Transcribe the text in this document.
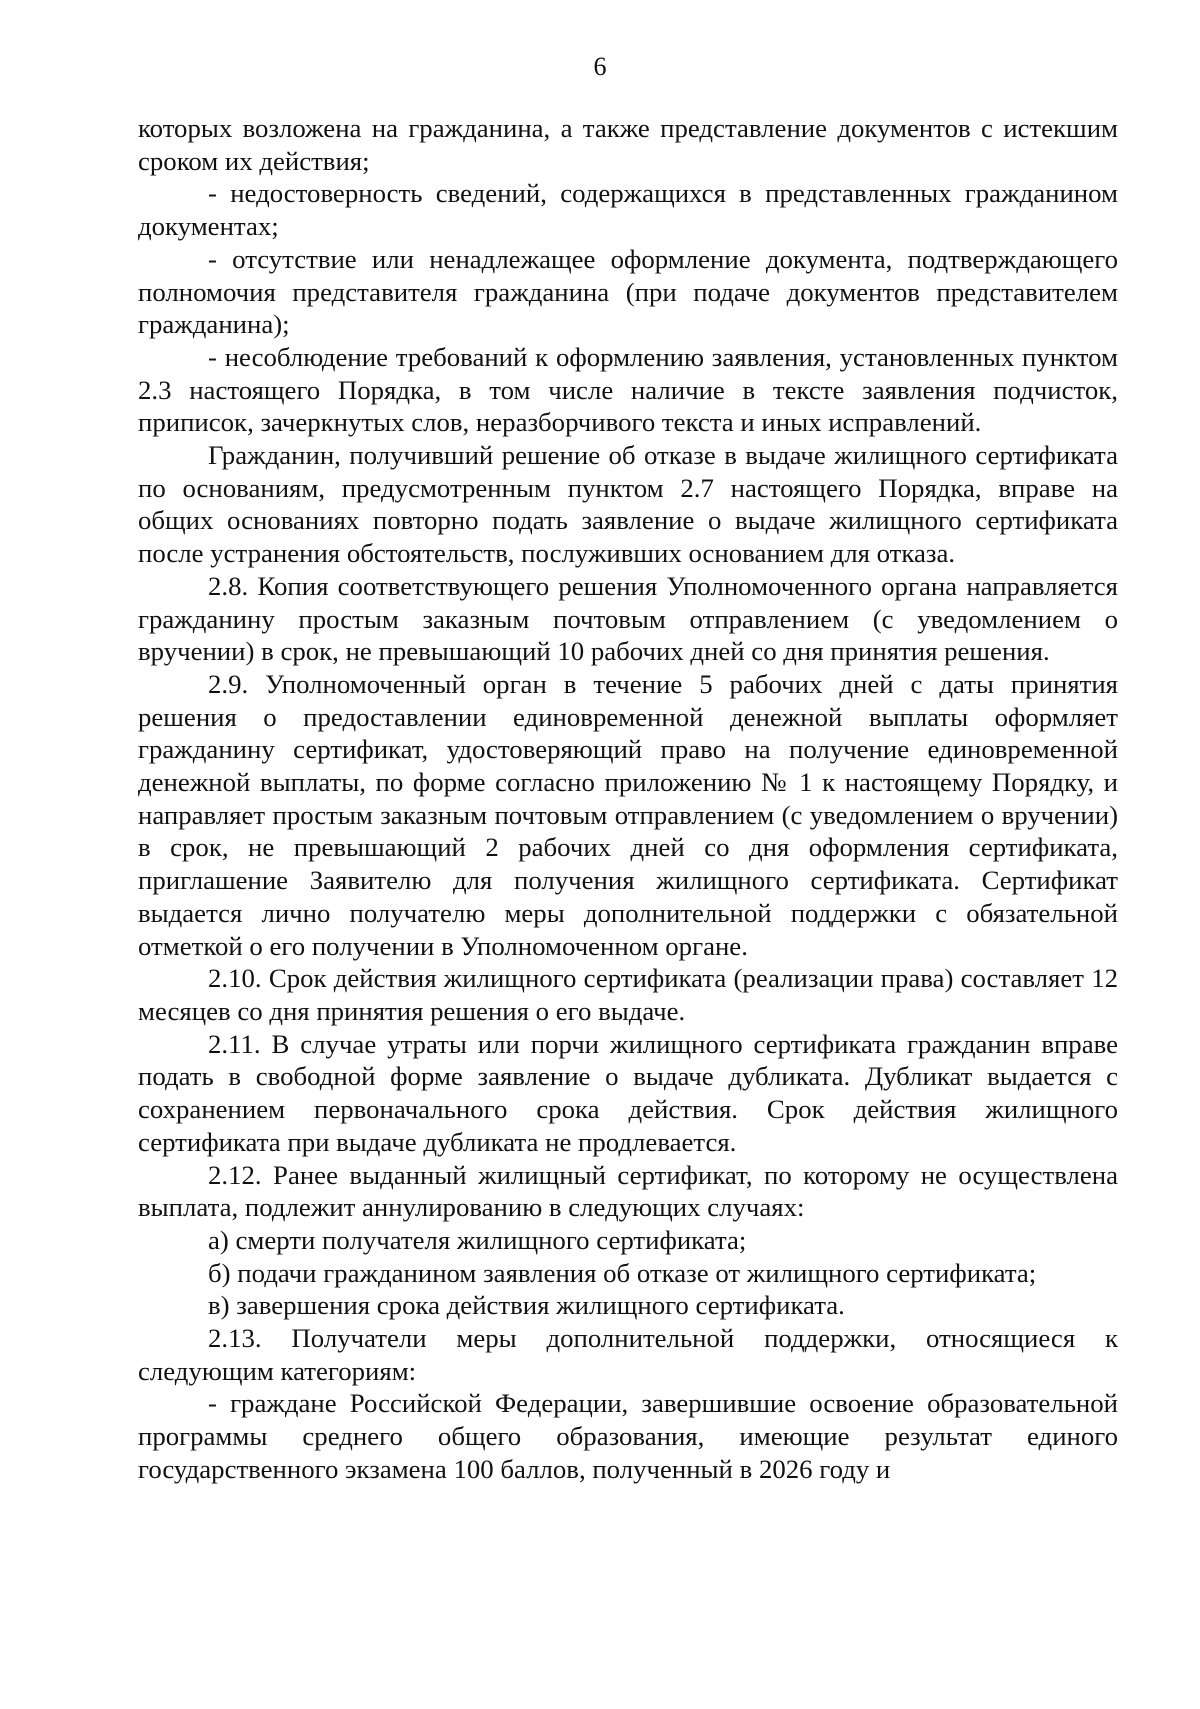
6

которых возложена на гражданина, а также представление документов с истекшим сроком их действия;

- недостоверность сведений, содержащихся в представленных гражданином документах;

- отсутствие или ненадлежащее оформление документа, подтверждающего полномочия представителя гражданина (при подаче документов представителем гражданина);

- несоблюдение требований к оформлению заявления, установленных пунктом 2.3 настоящего Порядка, в том числе наличие в тексте заявления подчисток, приписок, зачеркнутых слов, неразборчивого текста и иных исправлений.

Гражданин, получивший решение об отказе в выдаче жилищного сертификата по основаниям, предусмотренным пунктом 2.7 настоящего Порядка, вправе на общих основаниях повторно подать заявление о выдаче жилищного сертификата после устранения обстоятельств, послуживших основанием для отказа.

2.8. Копия соответствующего решения Уполномоченного органа направляется гражданину простым заказным почтовым отправлением (с уведомлением о вручении) в срок, не превышающий 10 рабочих дней со дня принятия решения.

2.9. Уполномоченный орган в течение 5 рабочих дней с даты принятия решения о предоставлении единовременной денежной выплаты оформляет гражданину сертификат, удостоверяющий право на получение единовременной денежной выплаты, по форме согласно приложению № 1 к настоящему Порядку, и направляет простым заказным почтовым отправлением (с уведомлением о вручении) в срок, не превышающий 2 рабочих дней со дня оформления сертификата, приглашение Заявителю для получения жилищного сертификата. Сертификат выдается лично получателю меры дополнительной поддержки с обязательной отметкой о его получении в Уполномоченном органе.

2.10. Срок действия жилищного сертификата (реализации права) составляет 12 месяцев со дня принятия решения о его выдаче.

2.11. В случае утраты или порчи жилищного сертификата гражданин вправе подать в свободной форме заявление о выдаче дубликата. Дубликат выдается с сохранением первоначального срока действия. Срок действия жилищного сертификата при выдаче дубликата не продлевается.

2.12. Ранее выданный жилищный сертификат, по которому не осуществлена выплата, подлежит аннулированию в следующих случаях:

а) смерти получателя жилищного сертификата;

б) подачи гражданином заявления об отказе от жилищного сертификата;

в) завершения срока действия жилищного сертификата.

2.13. Получатели меры дополнительной поддержки, относящиеся к следующим категориям:

- граждане Российской Федерации, завершившие освоение образовательной программы среднего общего образования, имеющие результат единого государственного экзамена 100 баллов, полученный в 2026 году и
